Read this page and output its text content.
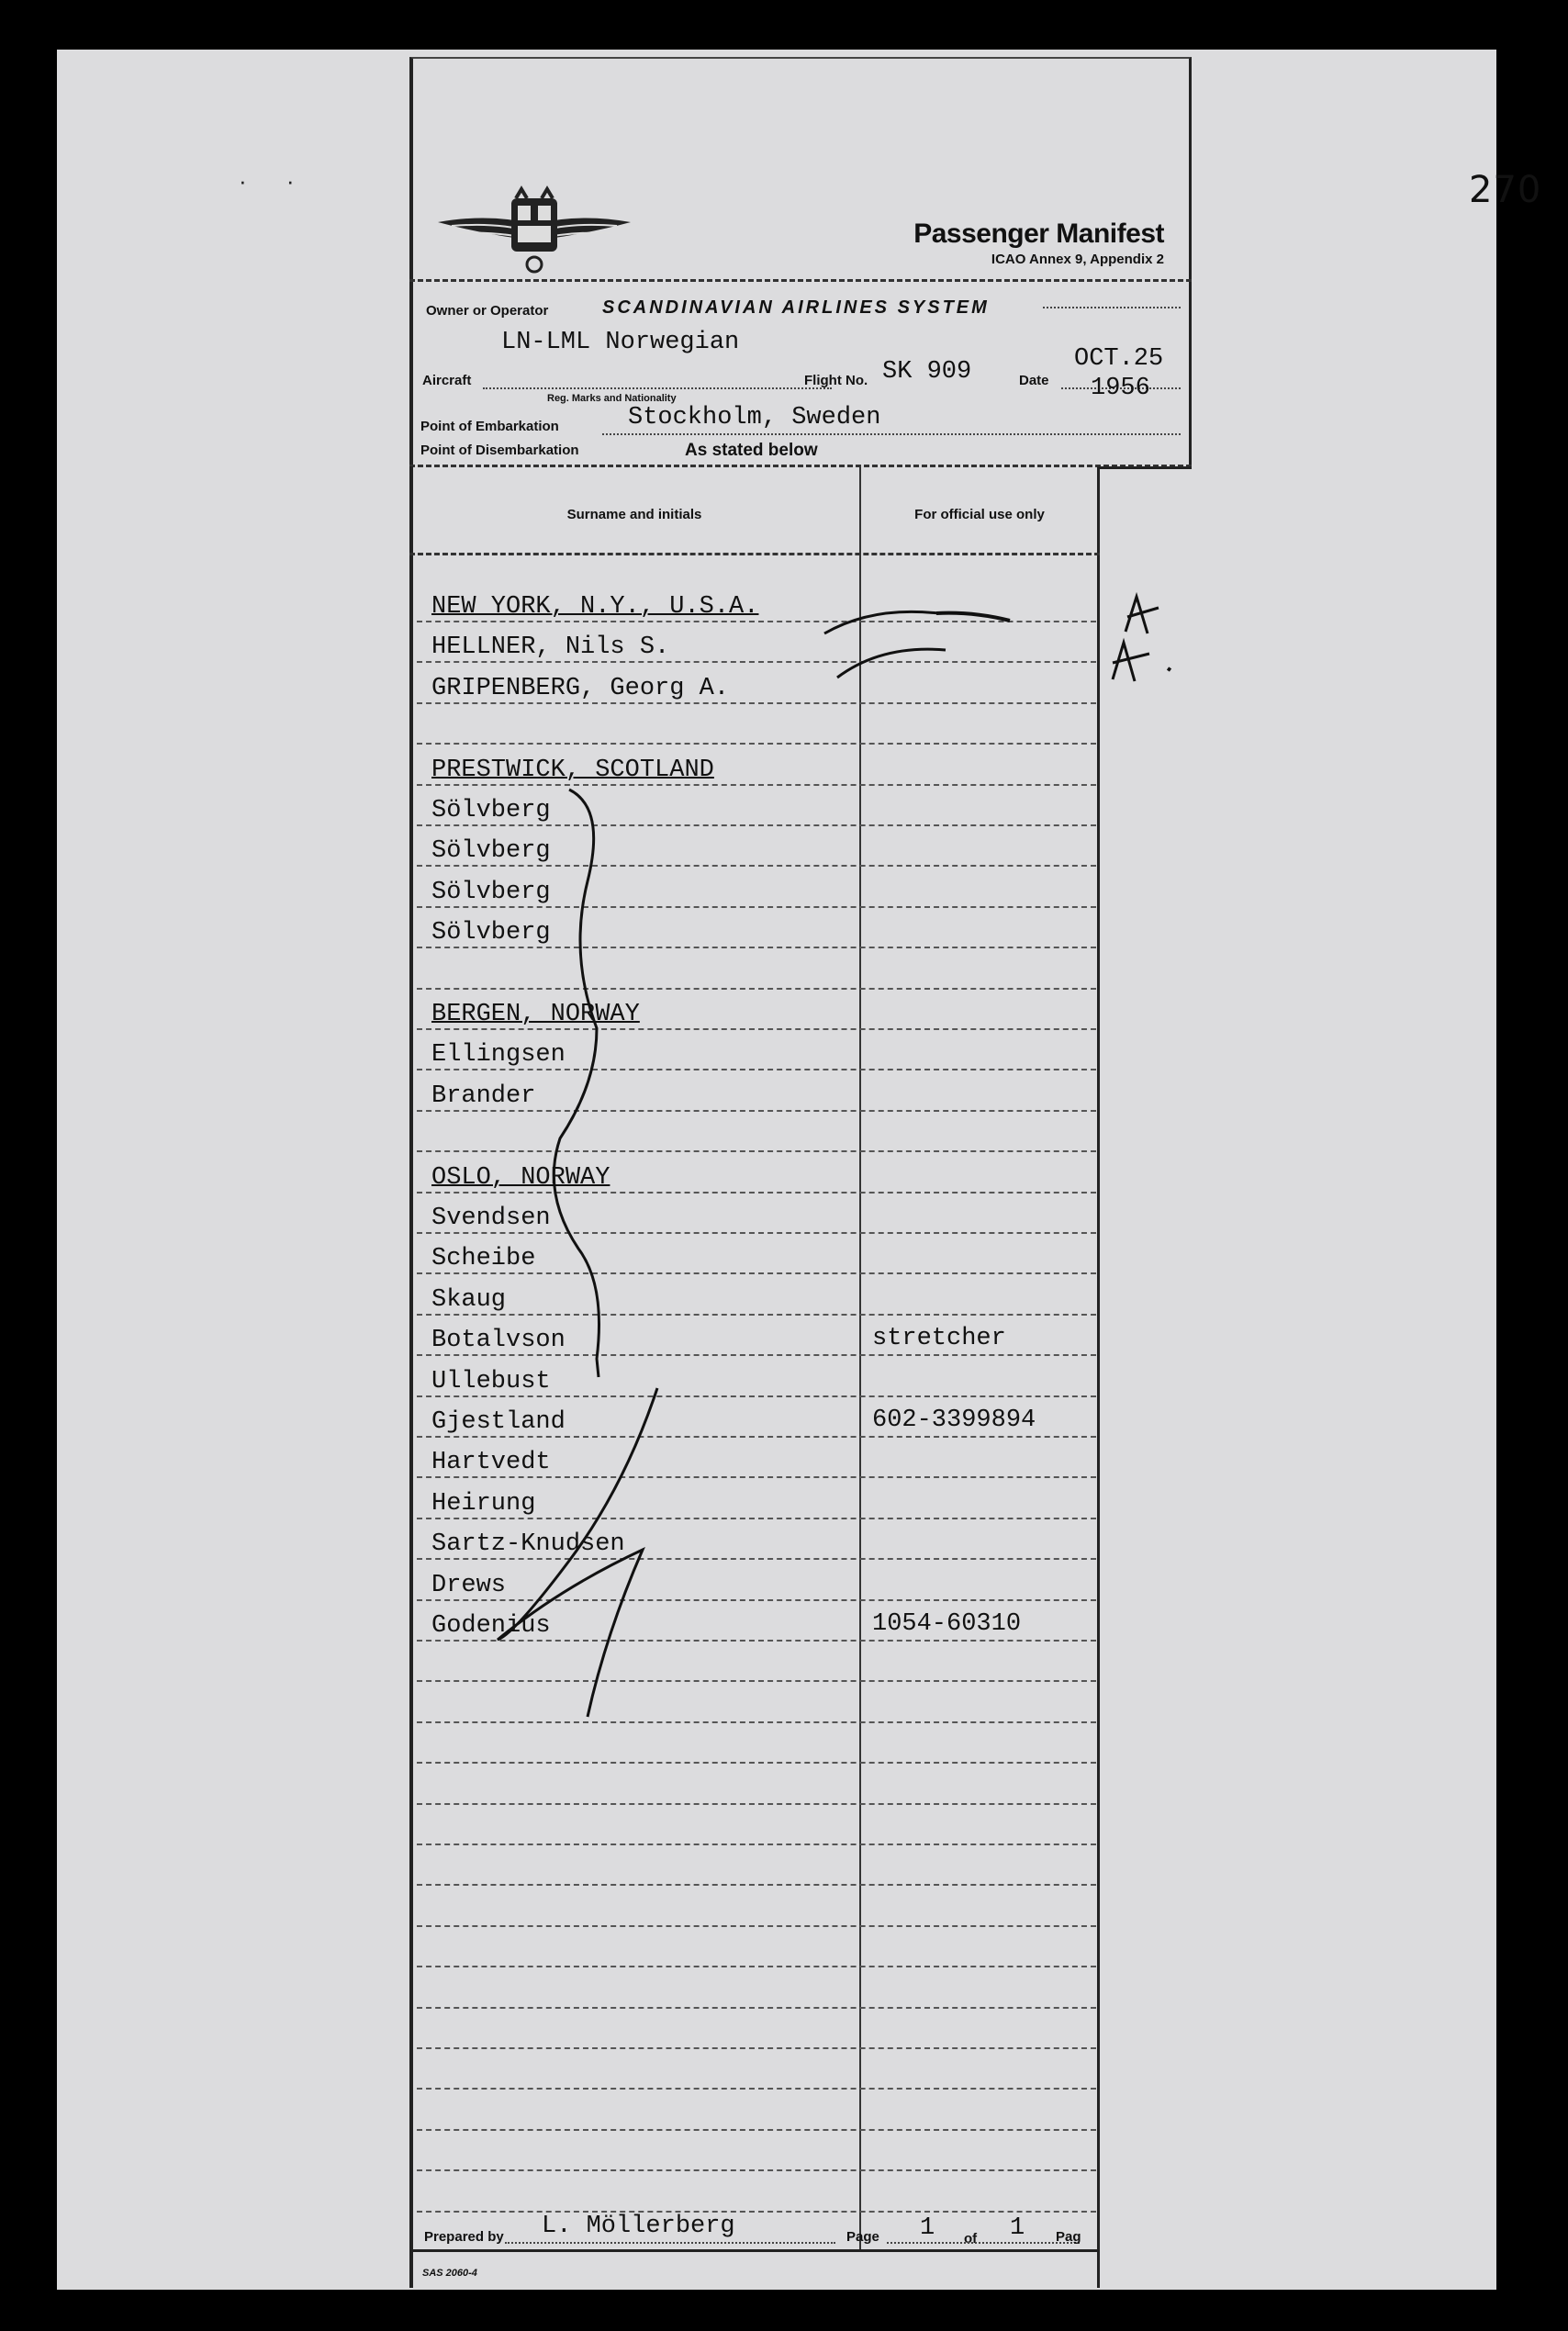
· ·	270
Passenger Manifest
ICAO Annex 9, Appendix 2
Owner or Operator	SCANDINAVIAN AIRLINES SYSTEM
LN-LML Norwegian
Aircraft
Reg. Marks and Nationality
Flight No. SK 909	Date
OCT.25
1956
Point of Embarkation	Stockholm, Sweden
Point of Disembarkation	As stated below
Surname and initials	For official use only
NEW YORK, N.Y., U.S.A.
HELLNER, Nils S.
GRIPENBERG, Georg A.
PRESTWICK, SCOTLAND
Sölvberg
Sölvberg
Sölvberg
Sölvberg
BERGEN, NORWAY
Ellingsen
Brander
OSLO, NORWAY
Svendsen
Scheibe
Skaug
Botalvson	stretcher
Ullebust
Gjestland	602-3399894
Hartvedt
Heirung
Sartz-Knudsen
Drews
Godenius	1054-60310
Prepared by L. Möllerberg	Page 1 of 1 Pag
SAS 2060-4
